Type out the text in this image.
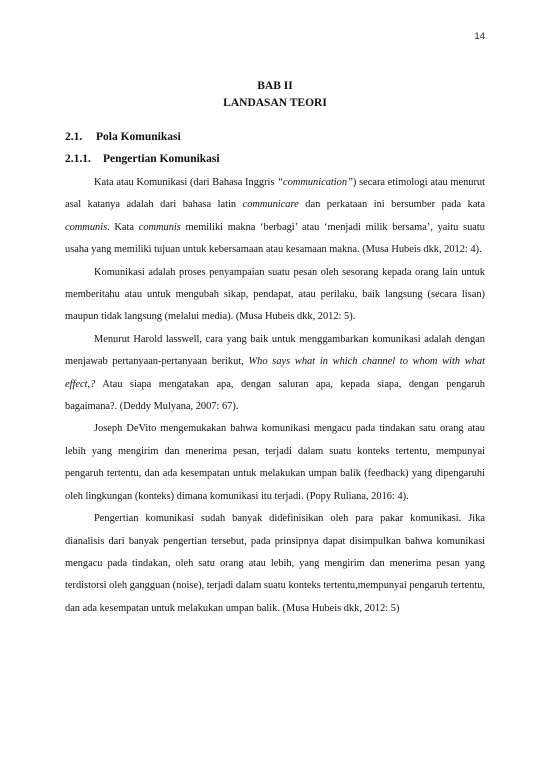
14
BAB II
LANDASAN TEORI
2.1. Pola Komunikasi
2.1.1. Pengertian Komunikasi

Kata atau Komunikasi (dari Bahasa Inggris “communication”) secara etimologi atau menurut asal katanya adalah dari bahasa latin communicare dan perkataan ini bersumber pada kata communis. Kata communis memiliki makna ‘berbagi’ atau ‘menjadi milik bersama’, yaitu suatu usaha yang memiliki tujuan untuk kebersamaan atau kesamaan makna. (Musa Hubeis dkk, 2012: 4).

Komunikasi adalah proses penyampaian suatu pesan oleh sesorang kepada orang lain untuk memberitahu atau untuk mengubah sikap, pendapat, atau perilaku, baik langsung (secara lisan) maupun tidak langsung (melalui media). (Musa Hubeis dkk, 2012: 5).

Menurut Harold lasswell, cara yang baik untuk menggambarkan komunikasi adalah dengan menjawab pertanyaan-pertanyaan berikut, Who says what in which channel to whom with what effect,? Atau siapa mengatakan apa, dengan saluran apa, kepada siapa, dengan pengaruh bagaimana?. (Deddy Mulyana, 2007: 67).

Joseph DeVito mengemukakan bahwa komunikasi mengacu pada tindakan satu orang atau lebih yang mengirim dan menerima pesan, terjadi dalam suatu konteks tertentu, mempunyai pengaruh tertentu, dan ada kesempatan untuk melakukan umpan balik (feedback) yang dipengaruhi oleh lingkungan (konteks) dimana komunikasi itu terjadi. (Popy Ruliana, 2016: 4).

Pengertian komunikasi sudah banyak didefinisikan oleh para pakar komunikasi. Jika dianalisis dari banyak pengertian tersebut, pada prinsipnya dapat disimpulkan bahwa komunikasi mengacu pada tindakan, oleh satu orang atau lebih, yang mengirim dan menerima pesan yang terdistorsi oleh gangguan (noise), terjadi dalam suatu konteks tertentu,mempunyai pengaruh tertentu, dan ada kesempatan untuk melakukan umpan balik. (Musa Hubeis dkk, 2012: 5)
